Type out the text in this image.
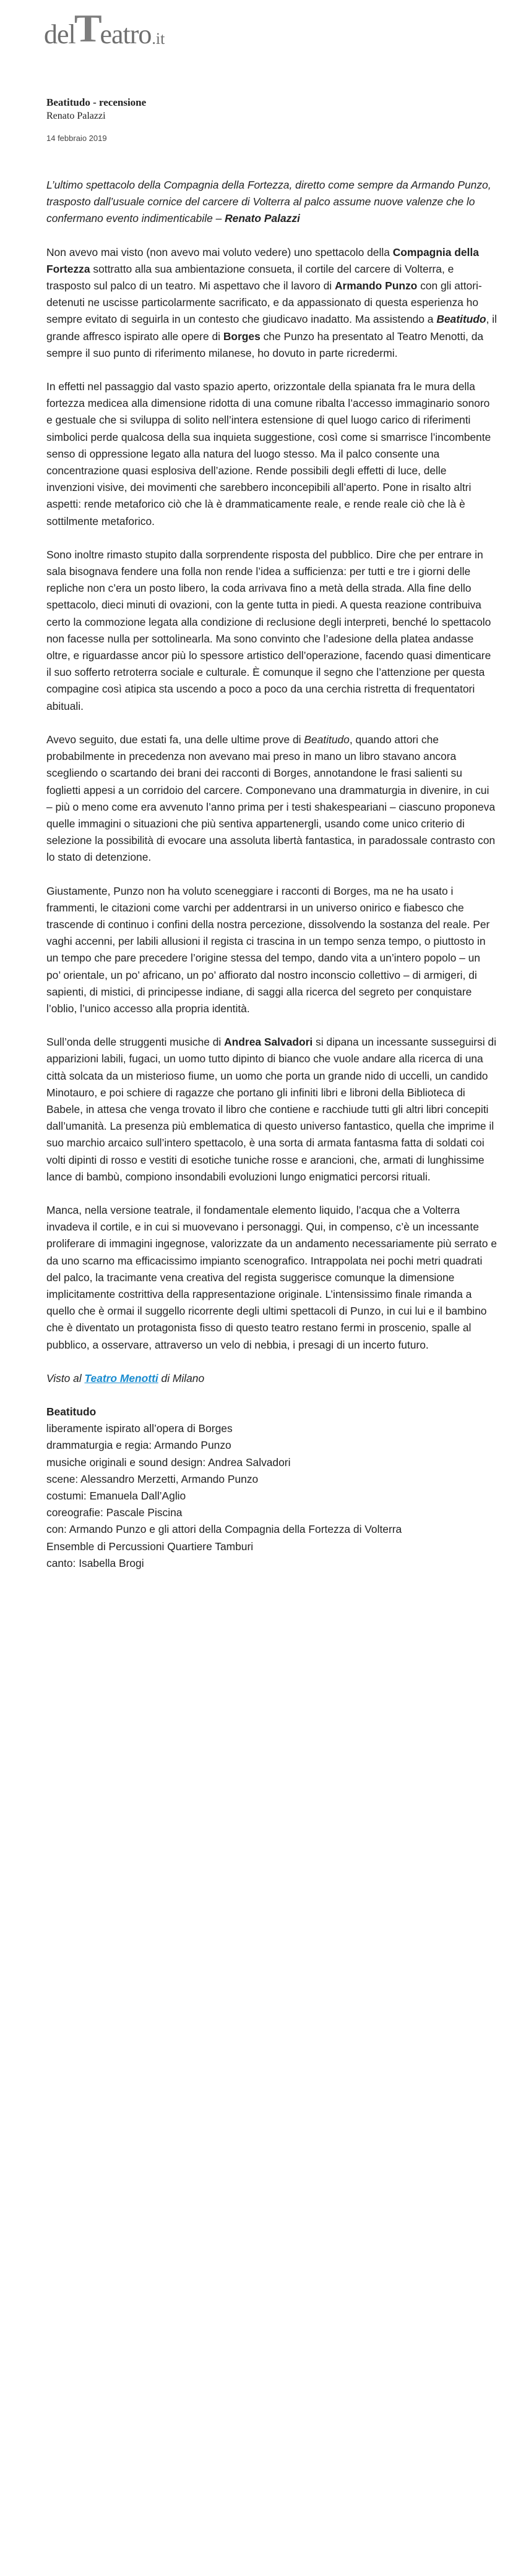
del
T
eatro .it
Beatitudo - recensione
Renato Palazzi
14 febbraio 2019

L’ultimo spettacolo della Compagnia della Fortezza, diretto come sempre da Armando Punzo, trasposto dall’usuale cornice del carcere di Volterra al palco assume nuove valenze che lo confermano evento indimenticabile – Renato Palazzi

Non avevo mai visto (non avevo mai voluto vedere) uno spettacolo della Compagnia della Fortezza sottratto alla sua ambientazione consueta, il cortile del carcere di Volterra, e trasposto sul palco di un teatro. Mi aspettavo che il lavoro di Armando Punzo con gli attori-detenuti ne uscisse particolarmente sacrificato, e da appassionato di questa esperienza ho sempre evitato di seguirla in un contesto che giudicavo inadatto. Ma assistendo a Beatitudo, il grande affresco ispirato alle opere di Borges che Punzo ha presentato al Teatro Menotti, da sempre il suo punto di riferimento milanese, ho dovuto in parte ricredermi.

In effetti nel passaggio dal vasto spazio aperto, orizzontale della spianata fra le mura della fortezza medicea alla dimensione ridotta di una comune ribalta l’accesso immaginario sonoro e gestuale che si sviluppa di solito nell’intera estensione di quel luogo carico di riferimenti simbolici perde qualcosa della sua inquieta suggestione, così come si smarrisce l’incombente senso di oppressione legato alla natura del luogo stesso. Ma il palco consente una concentrazione quasi esplosiva dell’azione. Rende possibili degli effetti di luce, delle invenzioni visive, dei movimenti che sarebbero inconcepibili all’aperto. Pone in risalto altri aspetti: rende metaforico ciò che là è drammaticamente reale, e rende reale ciò che là è sottilmente metaforico.

Sono inoltre rimasto stupito dalla sorprendente risposta del pubblico. Dire che per entrare in sala bisognava fendere una folla non rende l’idea a sufficienza: per tutti e tre i giorni delle repliche non c’era un posto libero, la coda arrivava fino a metà della strada. Alla fine dello spettacolo, dieci minuti di ovazioni, con la gente tutta in piedi. A questa reazione contribuiva certo la commozione legata alla condizione di reclusione degli interpreti, benché lo spettacolo non facesse nulla per sottolinearla. Ma sono convinto che l’adesione della platea andasse oltre, e riguardasse ancor più lo spessore artistico dell’operazione, facendo quasi dimenticare il suo sofferto retroterra sociale e culturale. È comunque il segno che l’attenzione per questa compagine così atipica sta uscendo a poco a poco da una cerchia ristretta di frequentatori abituali.

Avevo seguito, due estati fa, una delle ultime prove di Beatitudo, quando attori che probabilmente in precedenza non avevano mai preso in mano un libro stavano ancora scegliendo o scartando dei brani dei racconti di Borges, annotandone le frasi salienti su foglietti appesi a un corridoio del carcere. Componevano una drammaturgia in divenire, in cui – più o meno come era avvenuto l’anno prima per i testi shakespeariani – ciascuno proponeva quelle immagini o situazioni che più sentiva appartenergli, usando come unico criterio di selezione la possibilità di evocare una assoluta libertà fantastica, in paradossale contrasto con lo stato di detenzione.

Giustamente, Punzo non ha voluto sceneggiare i racconti di Borges, ma ne ha usato i frammenti, le citazioni come varchi per addentrarsi in un universo onirico e fiabesco che trascende di continuo i confini della nostra percezione, dissolvendo la sostanza del reale. Per vaghi accenni, per labili allusioni il regista ci trascina in un tempo senza tempo, o piuttosto in un tempo che pare precedere l’origine stessa del tempo, dando vita a un’intero popolo – un po’ orientale, un po’ africano, un po’ affiorato dal nostro inconscio collettivo – di armigeri, di sapienti, di mistici, di principesse indiane, di saggi alla ricerca del segreto per conquistare l’oblio, l’unico accesso alla propria identità.

Sull’onda delle struggenti musiche di Andrea Salvadori si dipana un incessante susseguirsi di apparizioni labili, fugaci, un uomo tutto dipinto di bianco che vuole andare alla ricerca di una città solcata da un misterioso fiume, un uomo che porta un grande nido di uccelli, un candido Minotauro, e poi schiere di ragazze che portano gli infiniti libri e libroni della Biblioteca di Babele, in attesa che venga trovato il libro che contiene e racchiude tutti gli altri libri concepiti dall’umanità. La presenza più emblematica di questo universo fantastico, quella che imprime il suo marchio arcaico sull’intero spettacolo, è una sorta di armata fantasma fatta di soldati coi volti dipinti di rosso e vestiti di esotiche tuniche rosse e arancioni, che, armati di lunghissime lance di bambù, compiono insondabili evoluzioni lungo enigmatici percorsi rituali.

Manca, nella versione teatrale, il fondamentale elemento liquido, l’acqua che a Volterra invadeva il cortile, e in cui si muovevano i personaggi. Qui, in compenso, c’è un incessante proliferare di immagini ingegnose, valorizzate da un andamento necessariamente più serrato e da uno scarno ma efficacissimo impianto scenografico. Intrappolata nei pochi metri quadrati del palco, la tracimante vena creativa del regista suggerisce comunque la dimensione implicitamente costrittiva della rappresentazione originale. L’intensissimo finale rimanda a quello che è ormai il suggello ricorrente degli ultimi spettacoli di Punzo, in cui lui e il bambino che è diventato un protagonista fisso di questo teatro restano fermi in proscenio, spalle al pubblico, a osservare, attraverso un velo di nebbia, i presagi di un incerto futuro.

Visto al Teatro Menotti di Milano

Beatitudo
liberamente ispirato all’opera di Borges
drammaturgia e regia: Armando Punzo
musiche originali e sound design: Andrea Salvadori
scene: Alessandro Merzetti, Armando Punzo
costumi: Emanuela Dall’Aglio
coreografie: Pascale Piscina
con: Armando Punzo e gli attori della Compagnia della Fortezza di Volterra
Ensemble di Percussioni Quartiere Tamburi
canto: Isabella Brogi
